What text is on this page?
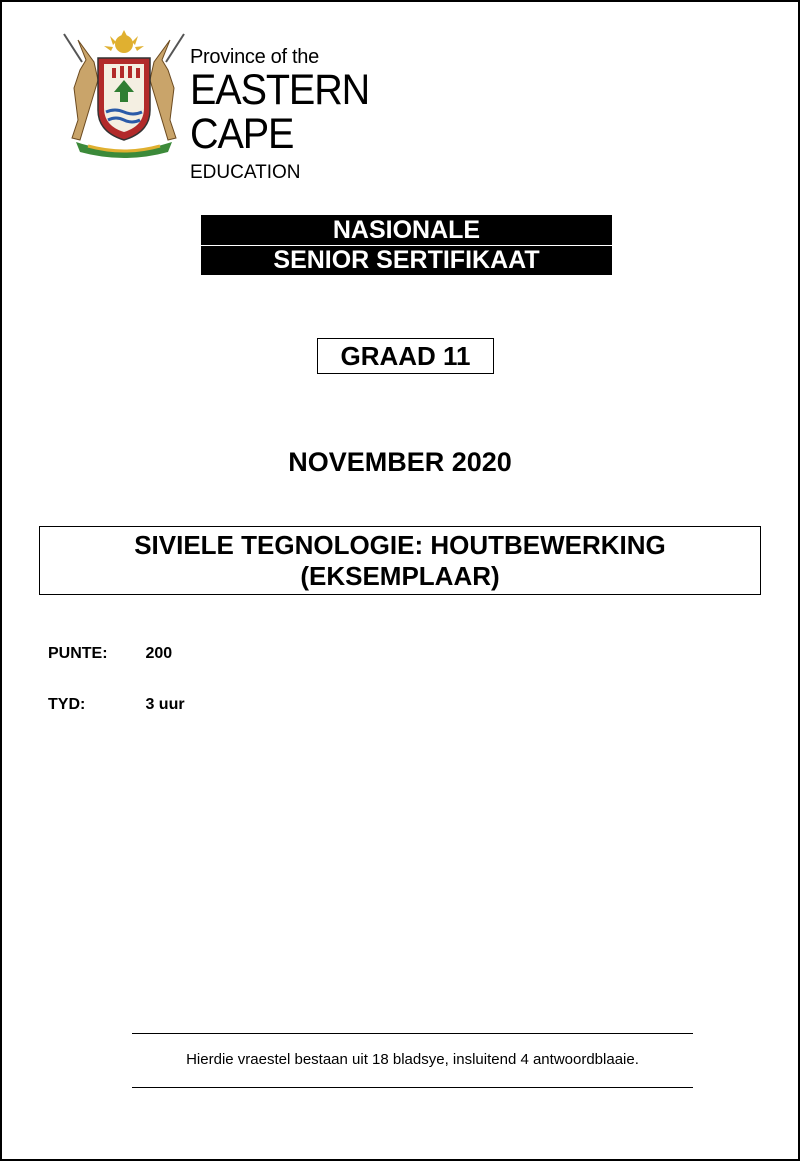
Province of the
EASTERN CAPE
EDUCATION
NASIONALE
SENIOR SERTIFIKAAT
GRAAD 11
NOVEMBER 2020
SIVIELE TEGNOLOGIE: HOUTBEWERKING
(EKSEMPLAAR)
PUNTE: 200
TYD:	3 uur
Hierdie vraestel bestaan uit 18 bladsye, insluitend 4 antwoordblaaie.
